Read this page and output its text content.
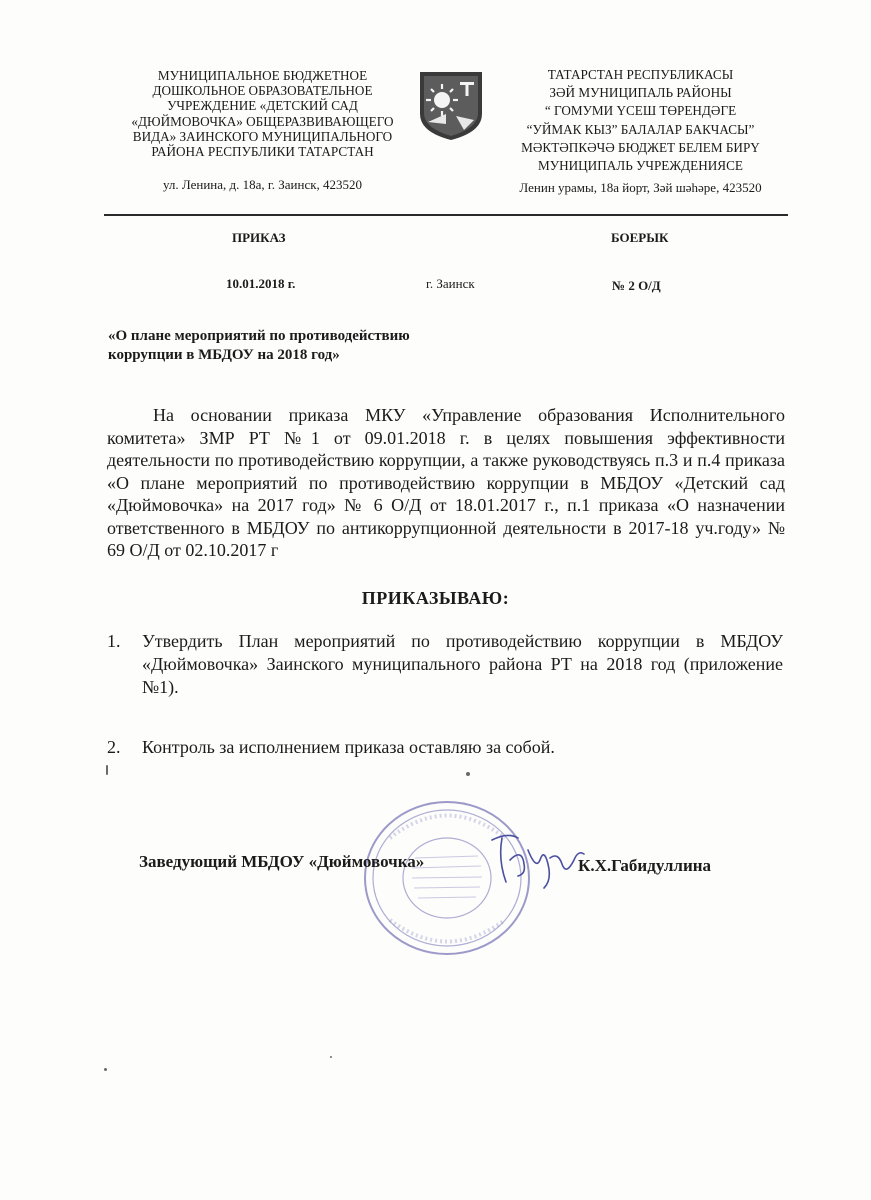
МУНИЦИПАЛЬНОЕ БЮДЖЕТНОЕ
ДОШКОЛЬНОЕ ОБРАЗОВАТЕЛЬНОЕ
УЧРЕЖДЕНИЕ «ДЕТСКИЙ САД
«ДЮЙМОВОЧКА» ОБЩЕРАЗВИВАЮЩЕГО
ВИДА» ЗАИНСКОГО МУНИЦИПАЛЬНОГО
РАЙОНА РЕСПУБЛИКИ ТАТАРСТАН
ул. Ленина, д. 18а, г. Заинск, 423520
ТАТАРСТАН РЕСПУБЛИКАСЫ
ЗӘЙ МУНИЦИПАЛЬ РАЙОНЫ
“ ГОМУМИ ҮСЕШ ТӨРЕНДӘГЕ
“УЙМАК КЫЗ” БАЛАЛАР БАКЧАСЫ”
МӘКТӘПКӘЧӘ БЮДЖЕТ БЕЛЕМ БИРҮ
МУНИЦИПАЛЬ УЧРЕЖДЕНИЯСЕ
Ленин урамы, 18а йорт, Зәй шәһәре, 423520
ПРИКАЗ	БОЕРЫК
10.01.2018 г.	г. Заинск	№ 2 О/Д
«О плане мероприятий по противодействию
коррупции в МБДОУ на 2018 год»
На основании приказа МКУ «Управление образования Исполнительного комитета» ЗМР РТ №1 от 09.01.2018 г. в целях повышения эффективности деятельности по противодействию коррупции, а также руководствуясь п.3 и п.4 приказа «О плане мероприятий по противодействию коррупции в МБДОУ «Детский сад «Дюймовочка» на 2017 год» № 6 О/Д от 18.01.2017 г., п.1 приказа «О назначении ответственного в МБДОУ по антикоррупционной деятельности в 2017-18 уч.году» № 69 О/Д от 02.10.2017 г
ПРИКАЗЫВАЮ:
1.	Утвердить План мероприятий по противодействию коррупции в МБДОУ «Дюймовочка» Заинского муниципального района РТ на 2018 год (приложение №1).
2.	Контроль за исполнением приказа оставляю за собой.
Заведующий МБДОУ «Дюймовочка»	К.Х.Габидуллина
